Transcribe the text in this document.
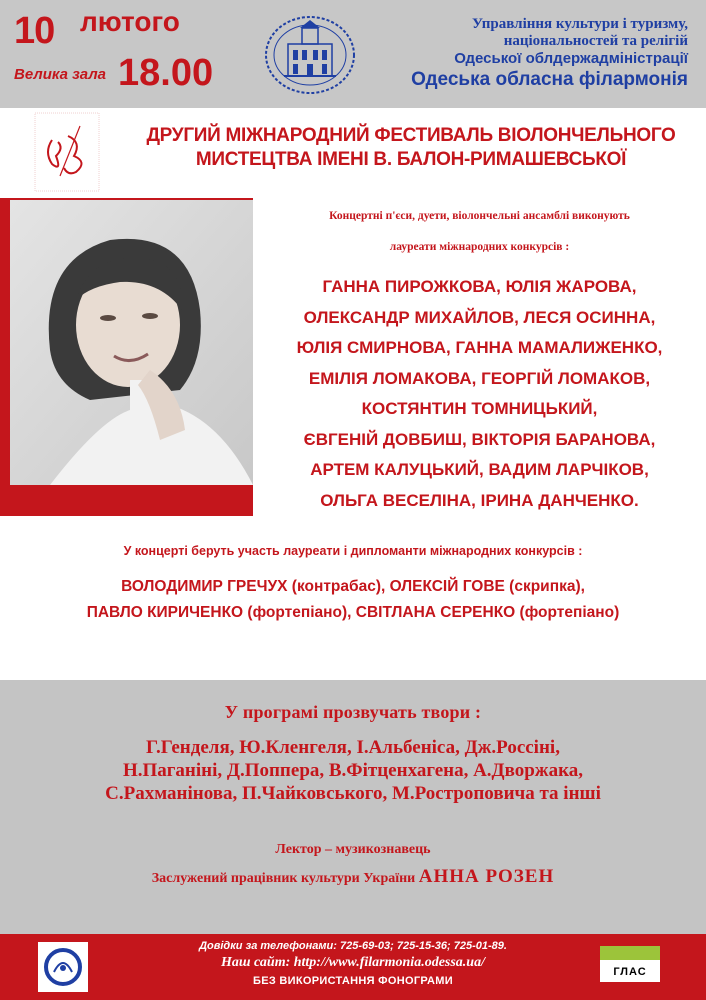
10 лютого
Велика зала 18.00
Управління культури і туризму,
національностей та релігій
Одеської облдержадміністрації
Одеська обласна філармонія
ДРУГИЙ МІЖНАРОДНИЙ ФЕСТИВАЛЬ ВІОЛОНЧЕЛЬНОГО
МИСТЕЦТВА ІМЕНІ В. БАЛОН-РИМАШЕВСЬКОЇ
Концертні п'єси, дуети, віолончельні ансамблі виконують
лауреати міжнародних конкурсів :
ГАННА ПИРОЖКОВА, ЮЛІЯ ЖАРОВА,
ОЛЕКСАНДР МИХАЙЛОВ, ЛЕСЯ ОСИННА,
ЮЛІЯ СМИРНОВА, ГАННА МАМАЛИЖЕНКО,
ЕМІЛІЯ ЛОМАКОВА, ГЕОРГІЙ ЛОМАКОВ,
КОСТЯНТИН ТОМНИЦЬКИЙ,
ЄВГЕНІЙ ДОВБИШ, ВІКТОРІЯ БАРАНОВА,
АРТЕМ КАЛУЦЬКИЙ, ВАДИМ ЛАРЧІКОВ,
ОЛЬГА ВЕСЕЛІНА, ІРИНА ДАНЧЕНКО.
У концерті беруть участь лауреати і дипломанти міжнародних конкурсів :
ВОЛОДИМИР ГРЕЧУХ (контрабас), ОЛЕКСІЙ ГОВЕ (скрипка),
ПАВЛО КИРИЧЕНКО (фортепіано), СВІТЛАНА СЕРЕНКО (фортепіано)
У програмі прозвучать твори :
Г.Генделя, Ю.Кленгеля, І.Альбеніса, Дж.Россіні,
Н.Паганіні, Д.Поппера, В.Фітценхагена, А.Дворжака,
С.Рахманінова, П.Чайковського, М.Ростроповича та інші
Лектор – музикознавець
Заслужений працівник культури України АННА РОЗЕН
Довідки за телефонами: 725-69-03; 725-15-36; 725-01-89.
Наш сайт: http://www.filarmonia.odessa.ua/
БЕЗ ВИКОРИСТАННЯ ФОНОГРАМИ
ГЛАС
